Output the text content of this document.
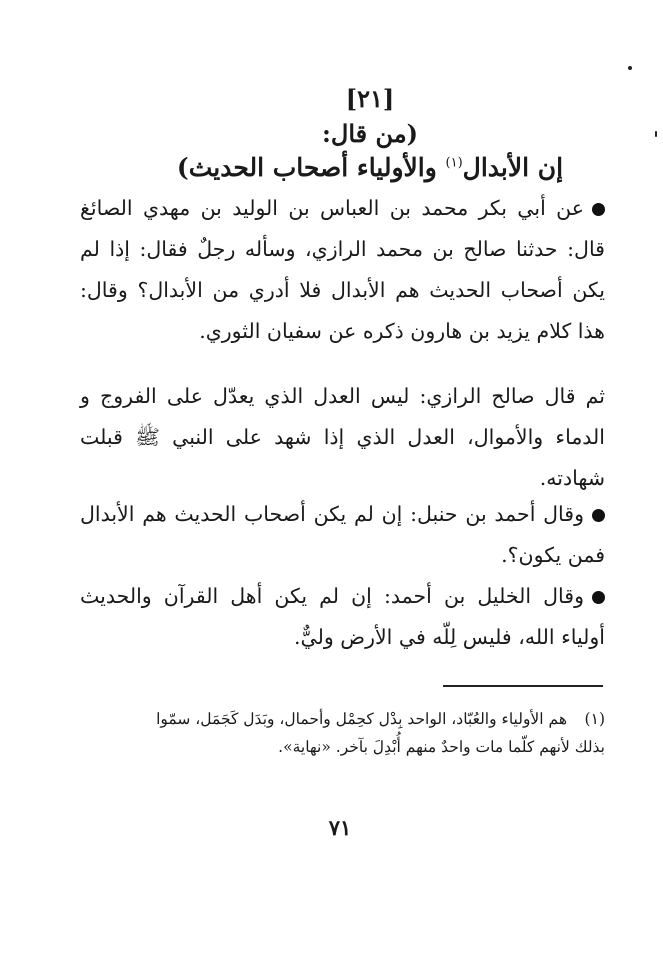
[٢١]
(من قال:
إن الأبدال$^{(١)}$ والأولياء أصحاب الحديث)
عن أبي بكر محمد بن العباس بن الوليد بن مهدي الصائغ قال: حدثنا صالح بن محمد الرازي، وسأله رجلٌ فقال: إذا لم يكن أصحاب الحديث هم الأبدال فلا أدري من الأبدال؟ وقال: هذا كلام يزيد بن هارون ذكره عن سفيان الثوري.
ثم قال صالح الرازي: ليس العدل الذي يعدّل على الفروج و الدماء والأموال، العدل الذي إذا شهد على النبي ﷺ قبلت شهادته.
وقال أحمد بن حنبل: إن لم يكن أصحاب الحديث هم الأبدال فمن يكون؟.
وقال الخليل بن أحمد: إن لم يكن أهل القرآن والحديث أولياء الله، فليس لِلّه في الأرض وليٌّ.
(١)هم الأولياء والعُبّاد، الواحد بِدْل كحِمْل وأحمال، وبَدَل كَجَمَل، سمّوا بذلك لأنهم كلّما مات واحدٌ منهم أُبْدِلَ بآخر. «نهاية».
٧١
